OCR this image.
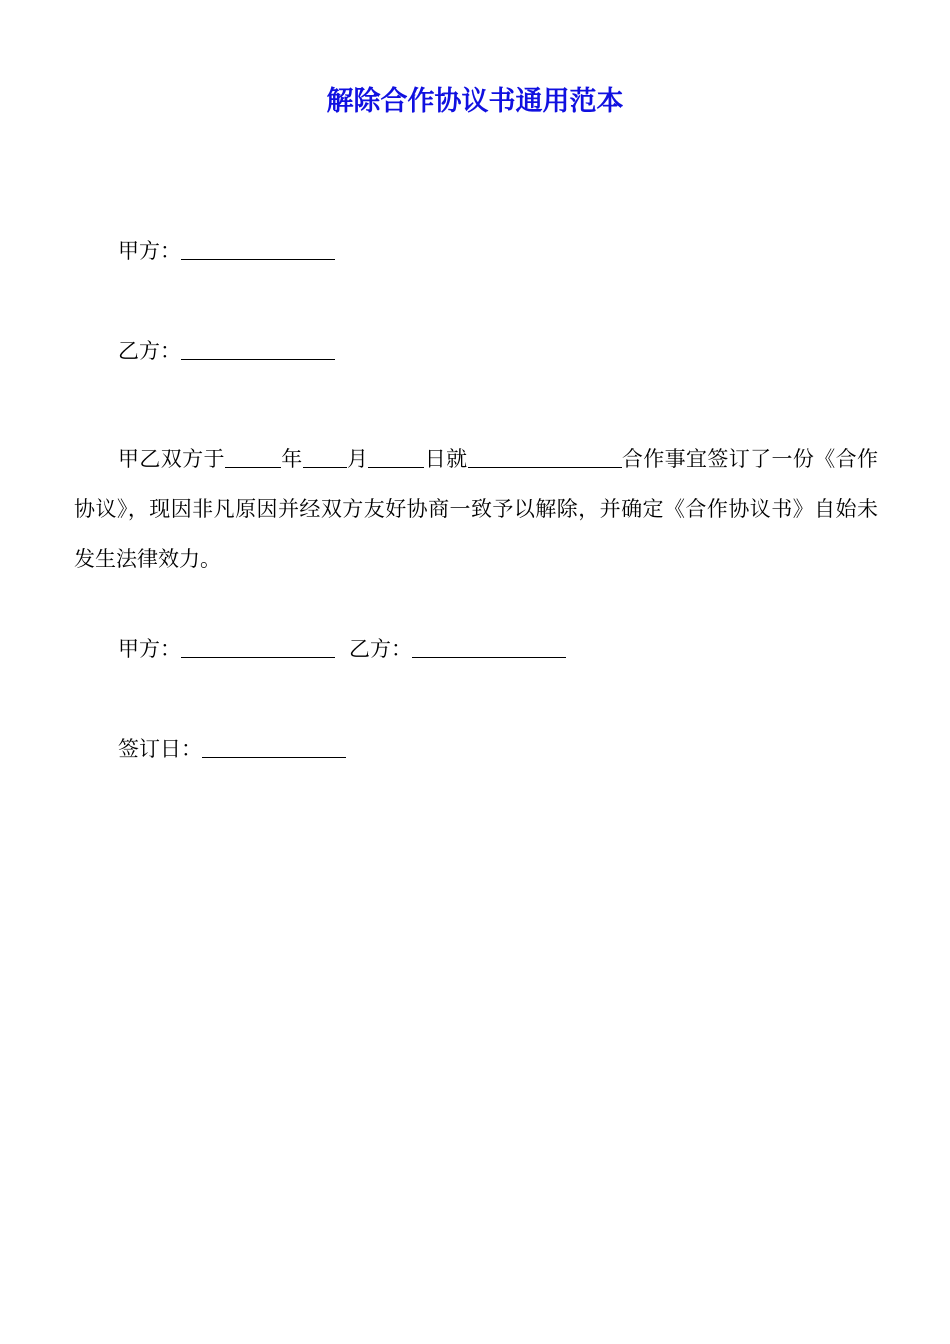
解除合作协议书通用范本
甲方：
乙方：

甲乙双方于	年 月	日就	合作事宜签订了一份《合作协议》，现因非凡原因并经双方友好协商一致予以解除，并确定《合作协议书》自始未发生法律效力。

甲方：	乙方：
签订日：
